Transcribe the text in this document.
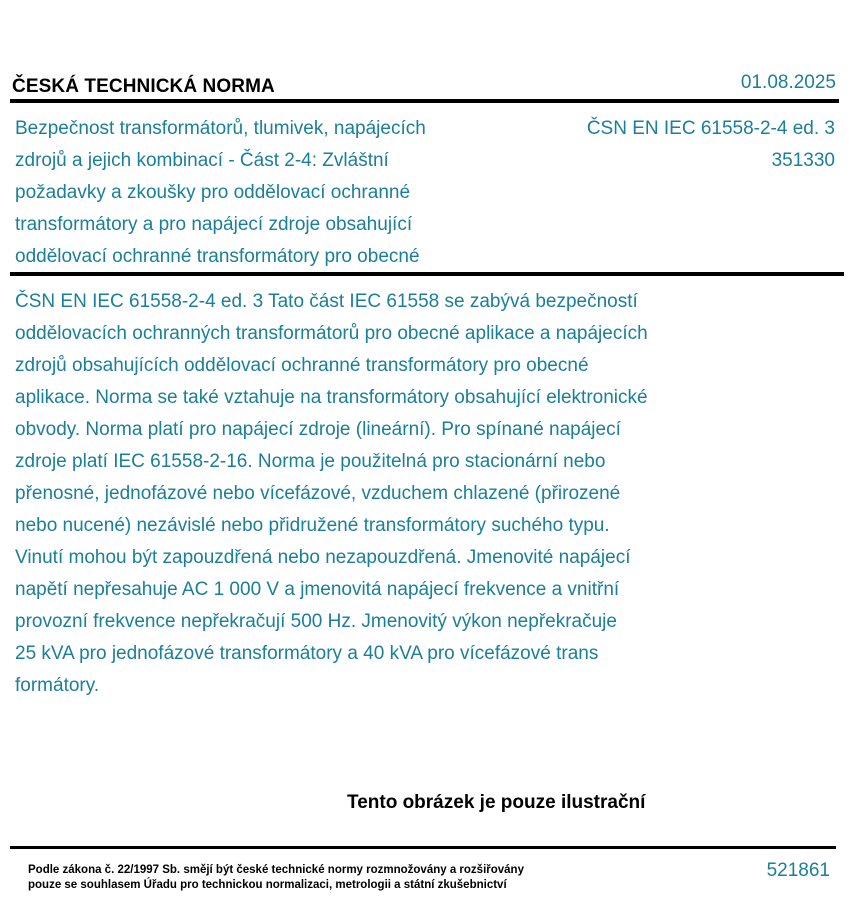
ČESKÁ TECHNICKÁ NORMA	01.08.2025
Bezpečnost transformátorů, tlumivek, napájecích
zdrojů a jejich kombinací - Část 2-4: Zvláštní
požadavky a zkoušky pro oddělovací ochranné
transformátory a pro napájecí zdroje obsahující
oddělovací ochranné transformátory pro obecné
ČSN EN IEC 61558-2-4 ed. 3
351330
ČSN EN IEC 61558-2-4 ed. 3 Tato část IEC 61558 se zabývá bezpečností
oddělovacích ochranných transformátorů pro obecné aplikace a napájecích
zdrojů obsahujících oddělovací ochranné transformátory pro obecné
aplikace. Norma se také vztahuje na transformátory obsahující elektronické
obvody. Norma platí pro napájecí zdroje (lineární). Pro spínané napájecí
zdroje platí IEC 61558-2-16. Norma je použitelná pro stacionární nebo
přenosné, jednofázové nebo vícefázové, vzduchem chlazené (přirozené
nebo nucené) nezávislé nebo přidružené transformátory suchého typu.
Vinutí mohou být zapouzdřená nebo nezapouzdřená. Jmenovité napájecí
napětí nepřesahuje AC 1 000 V a jmenovitá napájecí frekvence a vnitřní
provozní frekvence nepřekračují 500 Hz. Jmenovitý výkon nepřekračuje
25 kVA pro jednofázové transformátory a 40 kVA pro vícefázové trans
formátory.
Tento obrázek je pouze ilustrační
Podle zákona č. 22/1997 Sb. smějí být české technické normy rozmnožovány a rozšiřovány
pouze se souhlasem Úřadu pro technickou normalizaci, metrologii a státní zkušebnictví
521861
